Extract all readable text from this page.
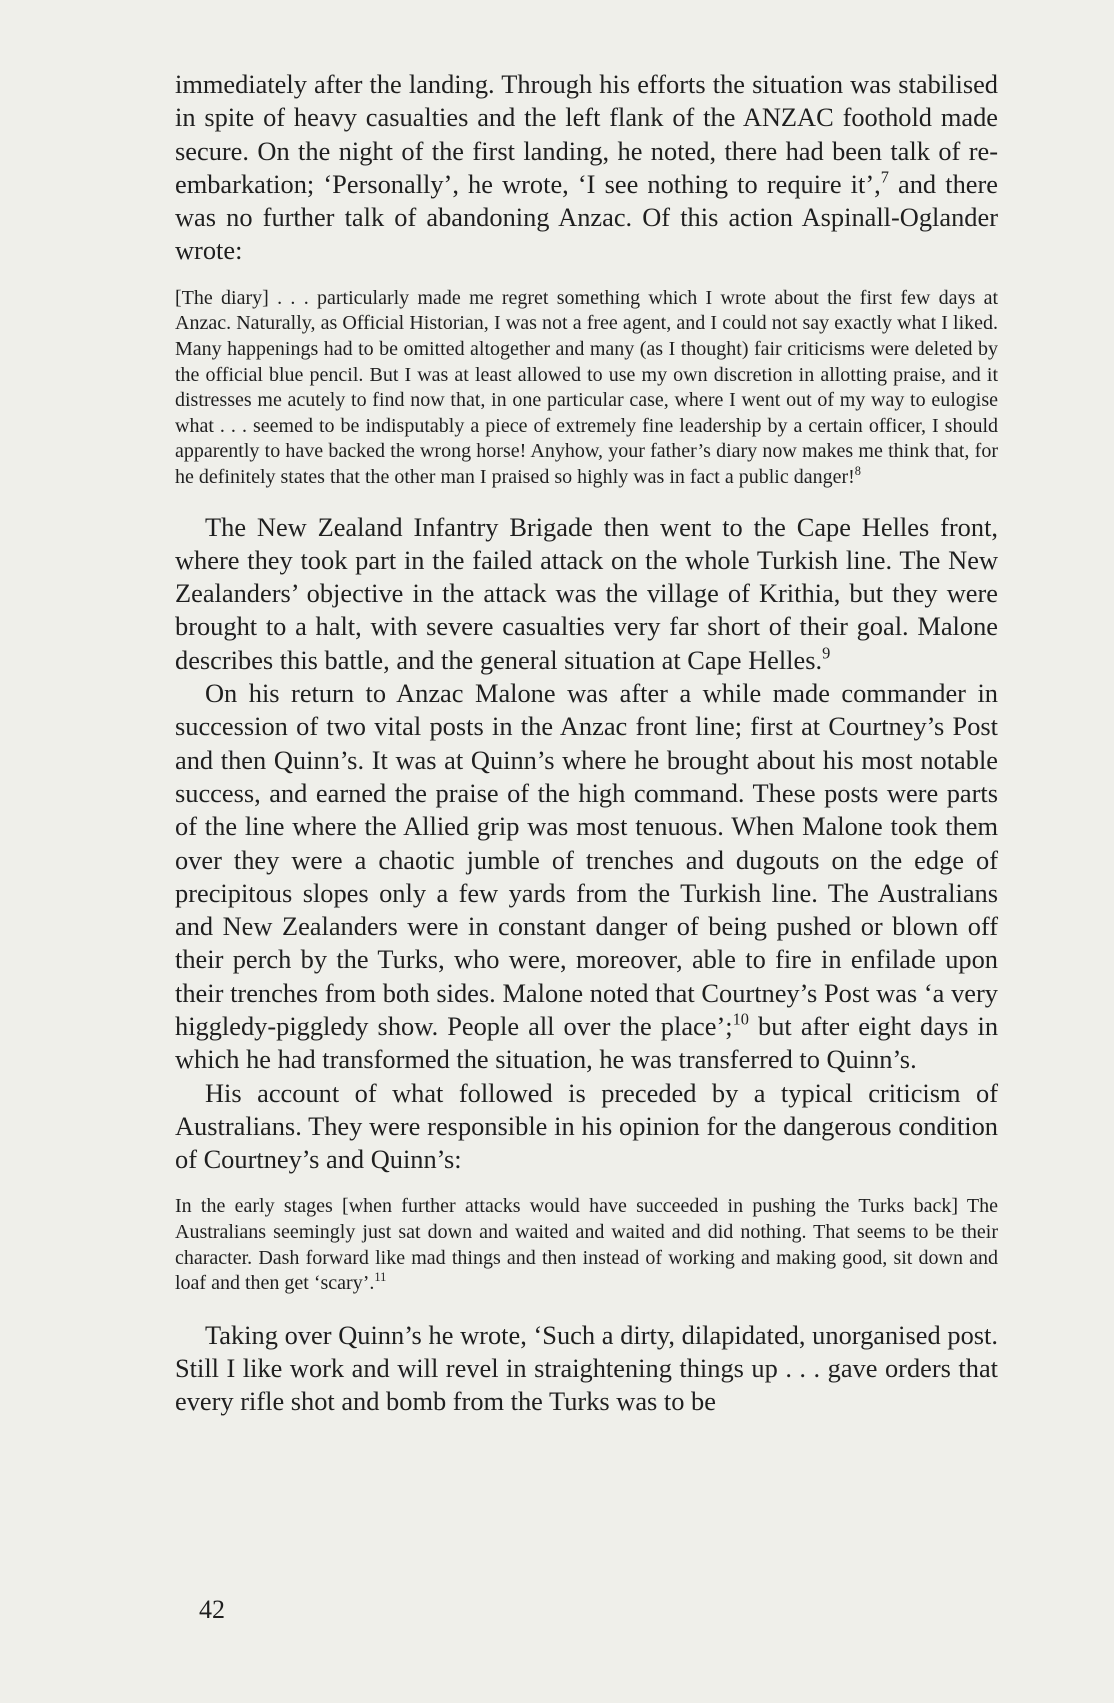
immediately after the landing. Through his efforts the situation was stabilised in spite of heavy casualties and the left flank of the ANZAC foothold made secure. On the night of the first landing, he noted, there had been talk of re-embarkation; ‘Personally’, he wrote, ‘I see nothing to require it’,$^7$ and there was no further talk of abandoning Anzac. Of this action Aspinall-Oglander wrote:

[The diary] . . . particularly made me regret something which I wrote about the first few days at Anzac. Naturally, as Official Historian, I was not a free agent, and I could not say exactly what I liked. Many happenings had to be omitted altogether and many (as I thought) fair criticisms were deleted by the official blue pencil. But I was at least allowed to use my own discretion in allotting praise, and it distresses me acutely to find now that, in one particular case, where I went out of my way to eulogise what . . . seemed to be indisputably a piece of extremely fine leadership by a certain officer, I should apparently to have backed the wrong horse! Anyhow, your father’s diary now makes me think that, for he definitely states that the other man I praised so highly was in fact a public danger!$^8$

The New Zealand Infantry Brigade then went to the Cape Helles front, where they took part in the failed attack on the whole Turkish line. The New Zealanders’ objective in the attack was the village of Krithia, but they were brought to a halt, with severe casualties very far short of their goal. Malone describes this battle, and the general situation at Cape Helles.$^9$

On his return to Anzac Malone was after a while made commander in succession of two vital posts in the Anzac front line; first at Courtney’s Post and then Quinn’s. It was at Quinn’s where he brought about his most notable success, and earned the praise of the high command. These posts were parts of the line where the Allied grip was most tenuous. When Malone took them over they were a chaotic jumble of trenches and dugouts on the edge of precipitous slopes only a few yards from the Turkish line. The Australians and New Zealanders were in constant danger of being pushed or blown off their perch by the Turks, who were, moreover, able to fire in enfilade upon their trenches from both sides. Malone noted that Courtney’s Post was ‘a very higgledy-piggledy show. People all over the place’;$^{10}$ but after eight days in which he had transformed the situation, he was transferred to Quinn’s.

His account of what followed is preceded by a typical criticism of Australians. They were responsible in his opinion for the dangerous condition of Courtney’s and Quinn’s:

In the early stages [when further attacks would have succeeded in pushing the Turks back] The Australians seemingly just sat down and waited and waited and did nothing. That seems to be their character. Dash forward like mad things and then instead of working and making good, sit down and loaf and then get ‘scary’.$^{11}$

Taking over Quinn’s he wrote, ‘Such a dirty, dilapidated, unorganised post. Still I like work and will revel in straightening things up . . . gave orders that every rifle shot and bomb from the Turks was to be

42
